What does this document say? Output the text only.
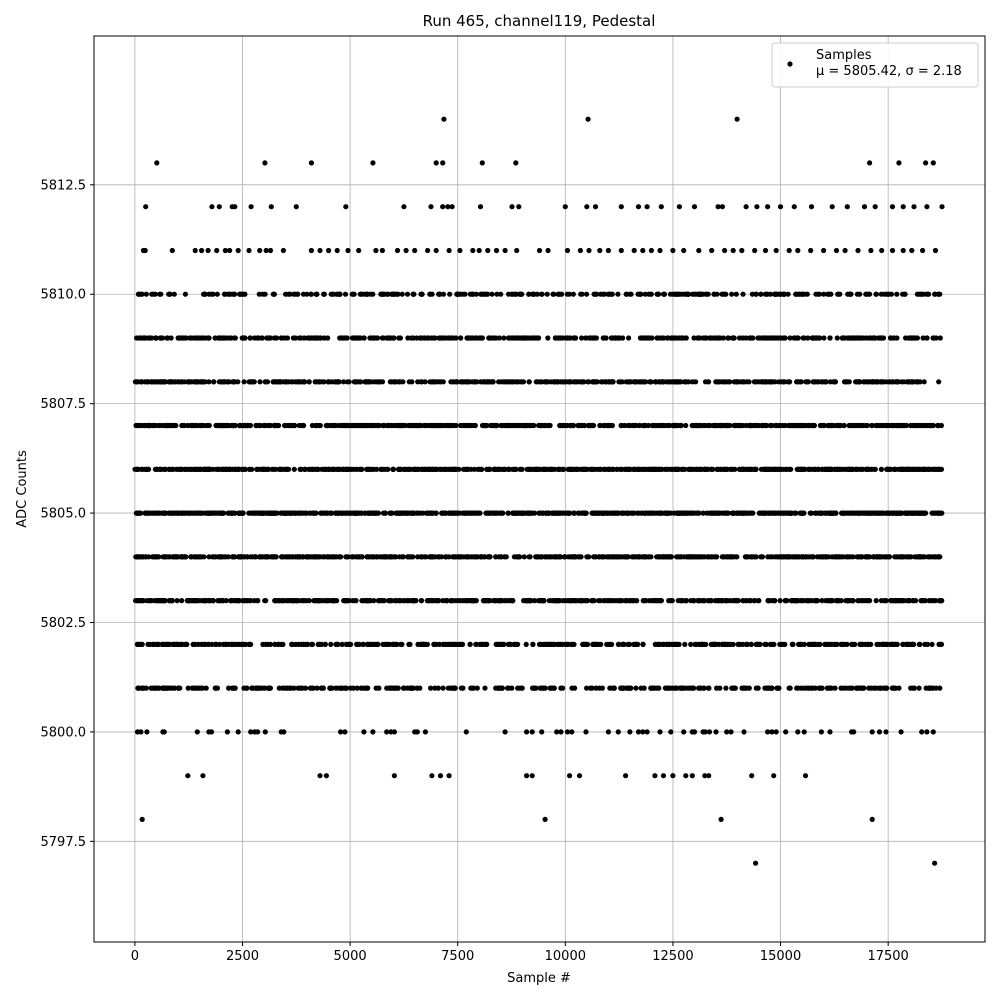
Run 465, channel119, Pedestal
0	2500	5000	7500	10000	12500	15000	17500
5797.5
5800.0
5802.5
5805.0
5807.5
5810.0
5812.5
Sample #
ADC Counts
Samples
μ = 5805.42, σ = 2.18
